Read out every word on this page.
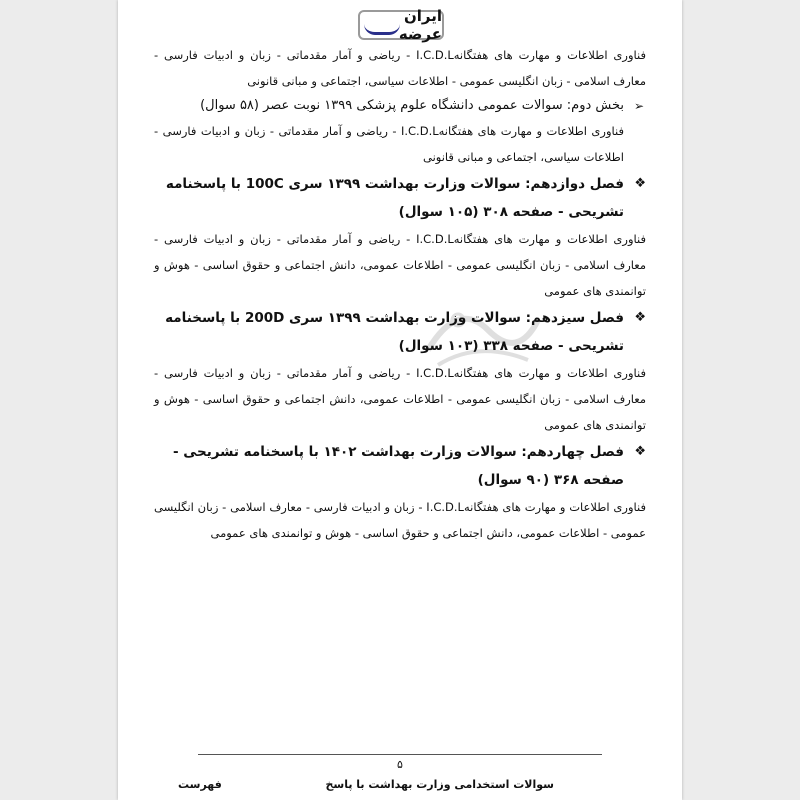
ایران عرضه
فناوری اطلاعات و مهارت های هفتگانهI.C.D.L - ریاضی و آمار مقدماتی - زبان و ادبیات فارسی - معارف اسلامی - زبان انگلیسی عمومی - اطلاعات سیاسی، اجتماعی و مبانی قانونی
➢
بخش دوم: سوالات عمومی دانشگاه علوم پزشکی ۱۳۹۹ نوبت عصر (۵۸ سوال)
فناوری اطلاعات و مهارت های هفتگانهI.C.D.L - ریاضی و آمار مقدماتی - زبان و ادبیات فارسی - اطلاعات سیاسی، اجتماعی و مبانی قانونی
❖
فصل دوازدهم: سوالات وزارت بهداشت ۱۳۹۹ سری 100C با پاسخنامه تشریحی - صفحه ۳۰۸ (۱۰۵ سوال)
فناوری اطلاعات و مهارت های هفتگانهI.C.D.L - ریاضی و آمار مقدماتی - زبان و ادبیات فارسی - معارف اسلامی - زبان انگلیسی عمومی - اطلاعات عمومی، دانش اجتماعی و حقوق اساسی - هوش و توانمندی های عمومی
❖
فصل سیزدهم: سوالات وزارت بهداشت ۱۳۹۹ سری 200D با پاسخنامه تشریحی - صفحه ۳۳۸ (۱۰۳ سوال)
فناوری اطلاعات و مهارت های هفتگانهI.C.D.L - ریاضی و آمار مقدماتی - زبان و ادبیات فارسی - معارف اسلامی - زبان انگلیسی عمومی - اطلاعات عمومی، دانش اجتماعی و حقوق اساسی - هوش و توانمندی های عمومی
❖
فصل چهاردهم: سوالات وزارت بهداشت ۱۴۰۲ با پاسخنامه تشریحی - صفحه ۳۶۸ (۹۰ سوال)
فناوری اطلاعات و مهارت های هفتگانهI.C.D.L - زبان و ادبیات فارسی - معارف اسلامی - زبان انگلیسی عمومی - اطلاعات عمومی، دانش اجتماعی و حقوق اساسی - هوش و توانمندی های عمومی
۵
فهرست	سوالات استخدامی وزارت بهداشت با پاسخ
